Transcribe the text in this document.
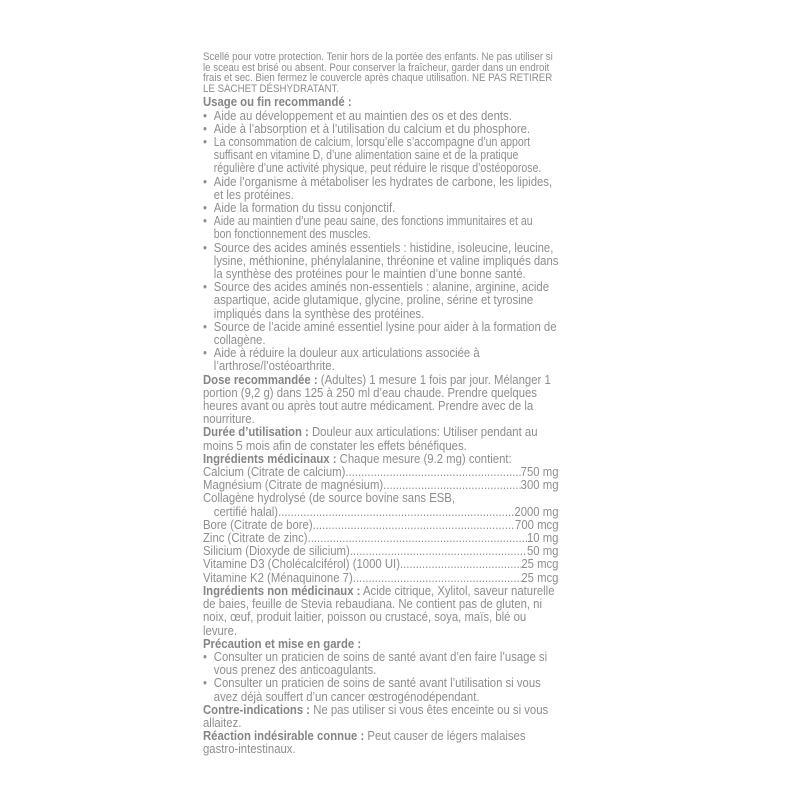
Scellé pour votre protection. Tenir hors de la portée des enfants. Ne pas utiliser si le sceau est brisé ou absent. Pour conserver la fraîcheur, garder dans un endroit frais et sec. Bien fermez le couvercle après chaque utilisation. NE PAS RETIRER LE SACHET DÉSHYDRATANT.
Usage ou fin recommandé :
• Aide au développement et au maintien des os et des dents.
• Aide à l’absorption et à l’utilisation du calcium et du phosphore.
• La consommation de calcium, lorsqu’elle s’accompagne d’un apport suffisant en vitamine D, d’une alimentation saine et de la pratique régulière d’une activité physique, peut réduire le risque d’ostéoporose.
• Aide l’organisme à métaboliser les hydrates de carbone, les lipides, et les protéines.
• Aide la formation du tissu conjonctif.
• Aide au maintien d’une peau saine, des fonctions immunitaires et au bon fonctionnement des muscles.
• Source des acides aminés essentiels : histidine, isoleucine, leucine, lysine, méthionine, phénylalanine, thréonine et valine impliqués dans la synthèse des protéines pour le maintien d’une bonne santé.
• Source des acides aminés non-essentiels : alanine, arginine, acide aspartique, acide glutamique, glycine, proline, sérine et tyrosine impliqués dans la synthèse des protéines.
• Source de l’acide aminé essentiel lysine pour aider à la formation de collagène.
• Aide à réduire la douleur aux articulations associée à l’arthrose/l’ostéoarthrite.
Dose recommandée : (Adultes) 1 mesure 1 fois par jour. Mélanger 1 portion (9,2 g) dans 125 à 250 ml d’eau chaude. Prendre quelques heures avant ou après tout autre médicament. Prendre avec de la nourriture.
Durée d’utilisation : Douleur aux articulations: Utiliser pendant au moins 5 mois afin de constater les effets bénéfiques.
Ingrédients médicinaux : Chaque mesure (9.2 mg) contient:
Calcium (Citrate de calcium) .....	750 mg
Magnésium (Citrate de magnésium) .....	300 mg
Collagène hydrolysé (de source bovine sans ESB,
certifié halal) .....	2000 mg
Bore (Citrate de bore) .....	700 mcg
Zinc (Citrate de zinc) .....	10 mg
Silicium (Dioxyde de silicium) .....	50 mg
Vitamine D3 (Cholécalciférol) (1000 UI) .....	25 mcg
Vitamine K2 (Ménaquinone 7) .....	25 mcg
Ingrédients non médicinaux : Acide citrique, Xylitol, saveur naturelle de baies, feuille de Stevia rebaudiana. Ne contient pas de gluten, ni noix, œuf, produit laitier, poisson ou crustacé, soya, maïs, blé ou levure.
Précaution et mise en garde :
• Consulter un praticien de soins de santé avant d’en faire l’usage si vous prenez des anticoagulants.
• Consulter un praticien de soins de santé avant l’utilisation si vous avez déjà souffert d’un cancer œstrogénodépendant.
Contre-indications : Ne pas utiliser si vous êtes enceinte ou si vous allaitez.
Réaction indésirable connue : Peut causer de légers malaises gastro-intestinaux.
